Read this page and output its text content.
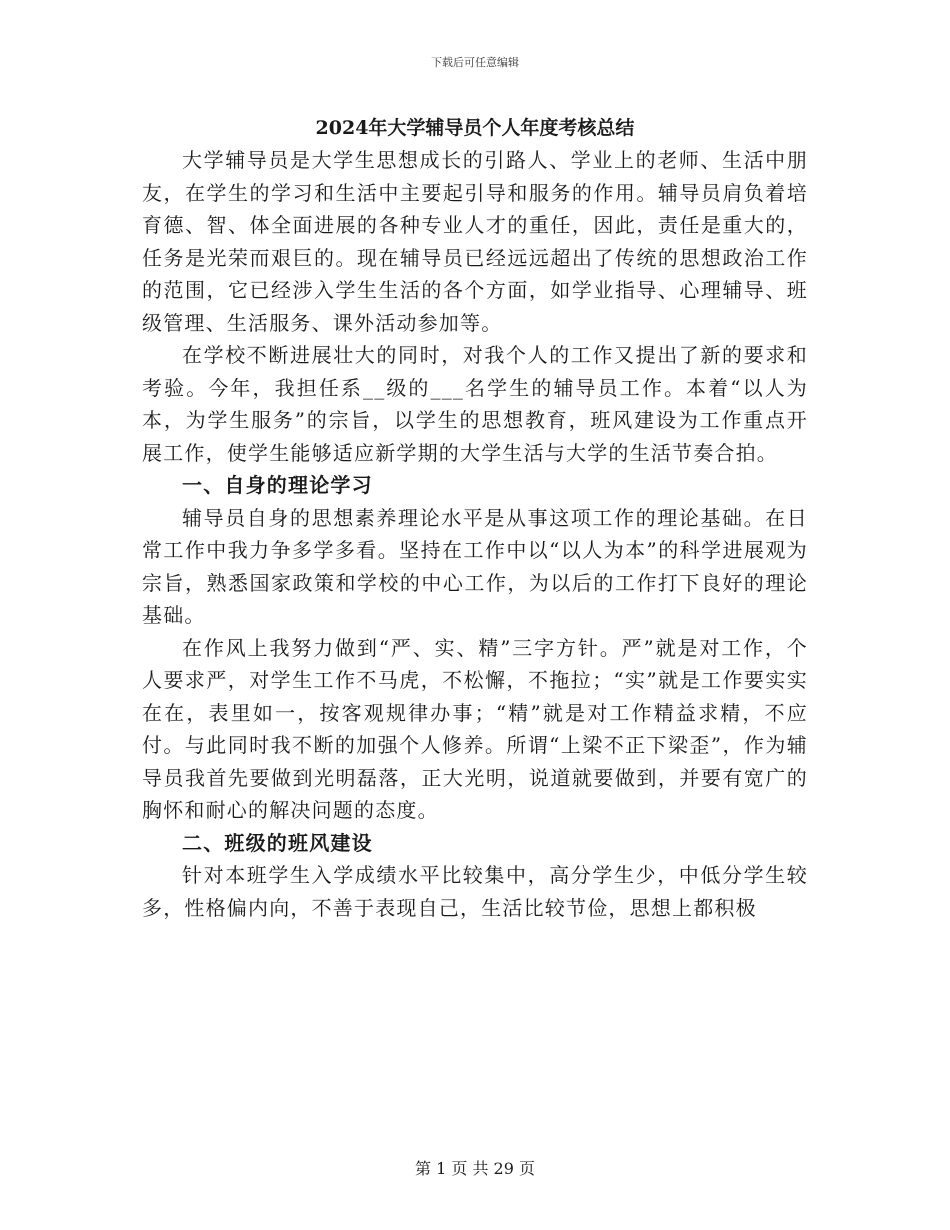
下载后可任意编辑
2024年大学辅导员个人年度考核总结

大学辅导员是大学生思想成长的引路人、学业上的老师、生活中朋友，在学生的学习和生活中主要起引导和服务的作用。辅导员肩负着培育德、智、体全面进展的各种专业人才的重任，因此，责任是重大的，任务是光荣而艰巨的。现在辅导员已经远远超出了传统的思想政治工作的范围，它已经涉入学生生活的各个方面，如学业指导、心理辅导、班级管理、生活服务、课外活动参加等。

在学校不断进展壮大的同时，对我个人的工作又提出了新的要求和考验。今年，我担任系__级的___名学生的辅导员工作。本着“以人为本，为学生服务”的宗旨，以学生的思想教育，班风建设为工作重点开展工作，使学生能够适应新学期的大学生活与大学的生活节奏合拍。

一、自身的理论学习

辅导员自身的思想素养理论水平是从事这项工作的理论基础。在日常工作中我力争多学多看。坚持在工作中以“以人为本”的科学进展观为宗旨，熟悉国家政策和学校的中心工作，为以后的工作打下良好的理论基础。

在作风上我努力做到“严、实、精”三字方针。严”就是对工作，个人要求严，对学生工作不马虎，不松懈，不拖拉；“实”就是工作要实实在在，表里如一，按客观规律办事；“精”就是对工作精益求精，不应付。与此同时我不断的加强个人修养。所谓“上梁不正下梁歪”，作为辅导员我首先要做到光明磊落，正大光明，说道就要做到，并要有宽广的胸怀和耐心的解决问题的态度。

二、班级的班风建设

针对本班学生入学成绩水平比较集中，高分学生少，中低分学生较多，性格偏内向，不善于表现自己，生活比较节俭，思想上都积极

第 1 页 共 29 页
